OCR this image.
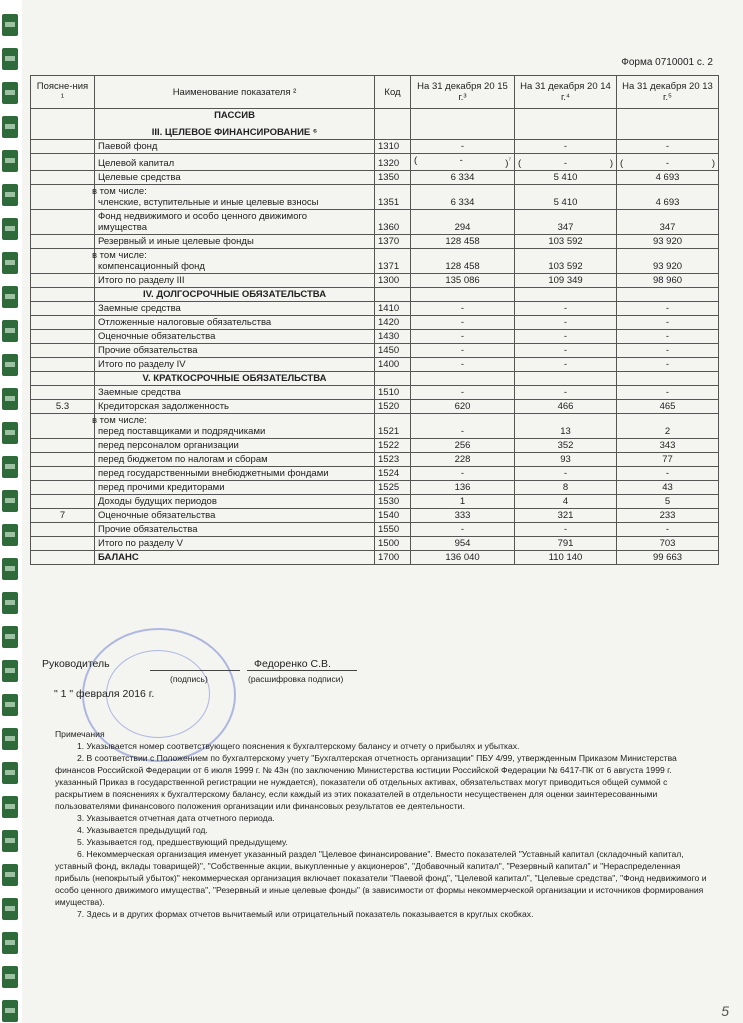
Форма 0710001 с. 2
Поясне-ния ¹	Наименование показателя ²	Код	На 31 декабря 20 15 г.³	На 31 декабря 20 14 г.⁴	На 31 декабря 20 13 г.⁵

	ПАССИВ
III. ЦЕЛЕВОЕ ФИНАНСИРОВАНИЕ ⁶				

	Паевой фонд	1310	-	-	-

	Целевой капитал	1320	( - )$^{^7}$	( - )	( - )

	Целевые средства	1350	6 334	5 410	4 693

	в том числе:
членские, вступительные и иные целевые взносы	1351	6 334	5 410	4 693

	Фонд недвижимого и особо ценного движимого
имущества	1360	294	347	347

	Резервный и иные целевые фонды	1370	128 458	103 592	93 920

	в том числе:
компенсационный фонд	1371	128 458	103 592	93 920

	Итого по разделу III	1300	135 086	109 349	98 960

	IV. ДОЛГОСРОЧНЫЕ ОБЯЗАТЕЛЬСТВА				

	Заемные средства	1410	-	-	-

	Отложенные налоговые обязательства	1420	-	-	-

	Оценочные обязательства	1430	-	-	-

	Прочие обязательства	1450	-	-	-

	Итого по разделу IV	1400	-	-	-

	V. КРАТКОСРОЧНЫЕ ОБЯЗАТЕЛЬСТВА				

	Заемные средства	1510	-	-	-
5.3	Кредиторская задолженность	1520	620	466	465

	в том числе:
перед поставщиками и подрядчиками	1521	-	13	2

	перед персоналом организации	1522	256	352	343

	перед бюджетом по налогам и сборам	1523	228	93	77

	перед государственными внебюджетными фондами	1524	-	-	-

	перед прочими кредиторами	1525	136	8	43

	Доходы будущих периодов	1530	1	4	5
7	Оценочные обязательства	1540	333	321	233

	Прочие обязательства	1550	-	-	-

	Итого по разделу V	1500	954	791	703

	БАЛАНС	1700	136 040	110 140	99 663
Руководитель	Федоренко С.В.
(подпись)	(расшифровка подписи)
" 1 " февраля 2016 г.

Примечания

1. Указывается номер соответствующего пояснения к бухгалтерскому балансу и отчету о прибылях и убытках.

2. В соответствии с Положением по бухгалтерскому учету "Бухгалтерская отчетность организации" ПБУ 4/99, утвержденным Приказом Министерства финансов Российской Федерации от 6 июля 1999 г. № 43н (по заключению Министерства юстиции Российской Федерации № 6417-ПК от 6 августа 1999 г. указанный Приказ в государственной регистрации не нуждается), показатели об отдельных активах, обязательствах могут приводиться общей суммой с раскрытием в пояснениях к бухгалтерскому балансу, если каждый из этих показателей в отдельности несущественен для оценки заинтересованными пользователями финансового положения организации или финансовых результатов ее деятельности.

3. Указывается отчетная дата отчетного периода.

4. Указывается предыдущий год.

5. Указывается год, предшествующий предыдущему.

6. Некоммерческая организация именует указанный раздел "Целевое финансирование". Вместо показателей "Уставный капитал (складочный капитал, уставный фонд, вклады товарищей)", "Собственные акции, выкупленные у акционеров", "Добавочный капитал", "Резервный капитал" и "Нераспределенная прибыль (непокрытый убыток)" некоммерческая организация включает показатели "Паевой фонд", "Целевой капитал", "Целевые средства", "Фонд недвижимого и особо ценного движимого имущества", "Резервный и иные целевые фонды" (в зависимости от формы некоммерческой организации и источников формирования имущества).

7. Здесь и в других формах отчетов вычитаемый или отрицательный показатель показывается в круглых скобках.

5
